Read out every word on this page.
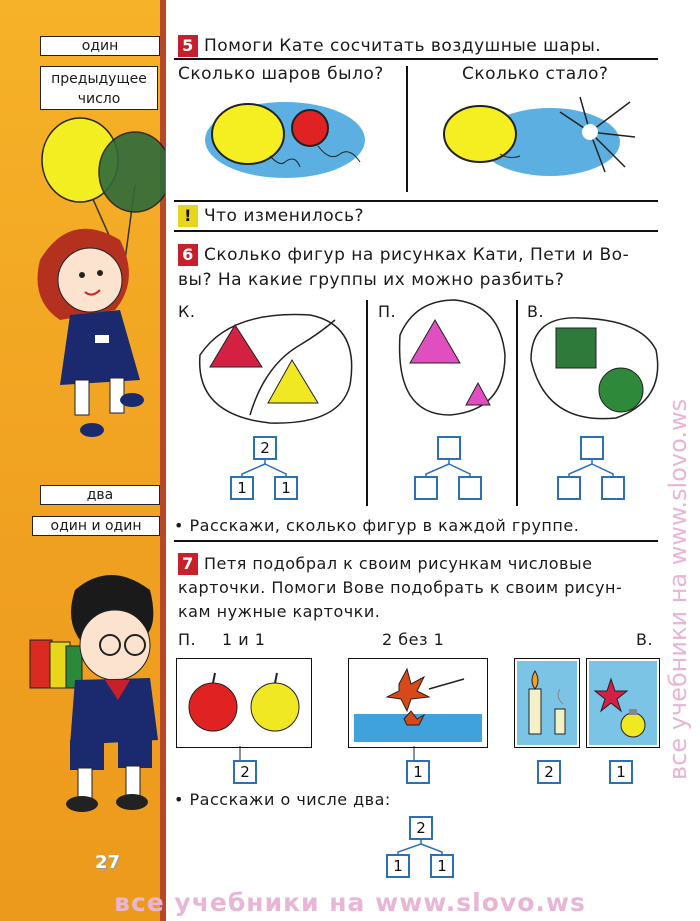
один
предыдущее число
два
один и один
27
5 Помоги Кате сосчитать воздушные шары.
Сколько шаров было?	Сколько стало?
! Что изменилось?
6 Сколько фигур на рисунках Кати, Пети и Во-
вы? На какие группы их можно разбить?
К.	П.	В.
2
1	1
• Расскажи, сколько фигур в каждой группе.
7 Петя подобрал к своим рисункам числовые
карточки. Помоги Вове подобрать к своим рисун-
кам нужные карточки.
П. 1 и 1	2 без 1	В.
2	1	2	1
• Расскажи о числе два:
2
1	1
все учебники на www.slovo.ws
все учебники на www.slovo.ws
